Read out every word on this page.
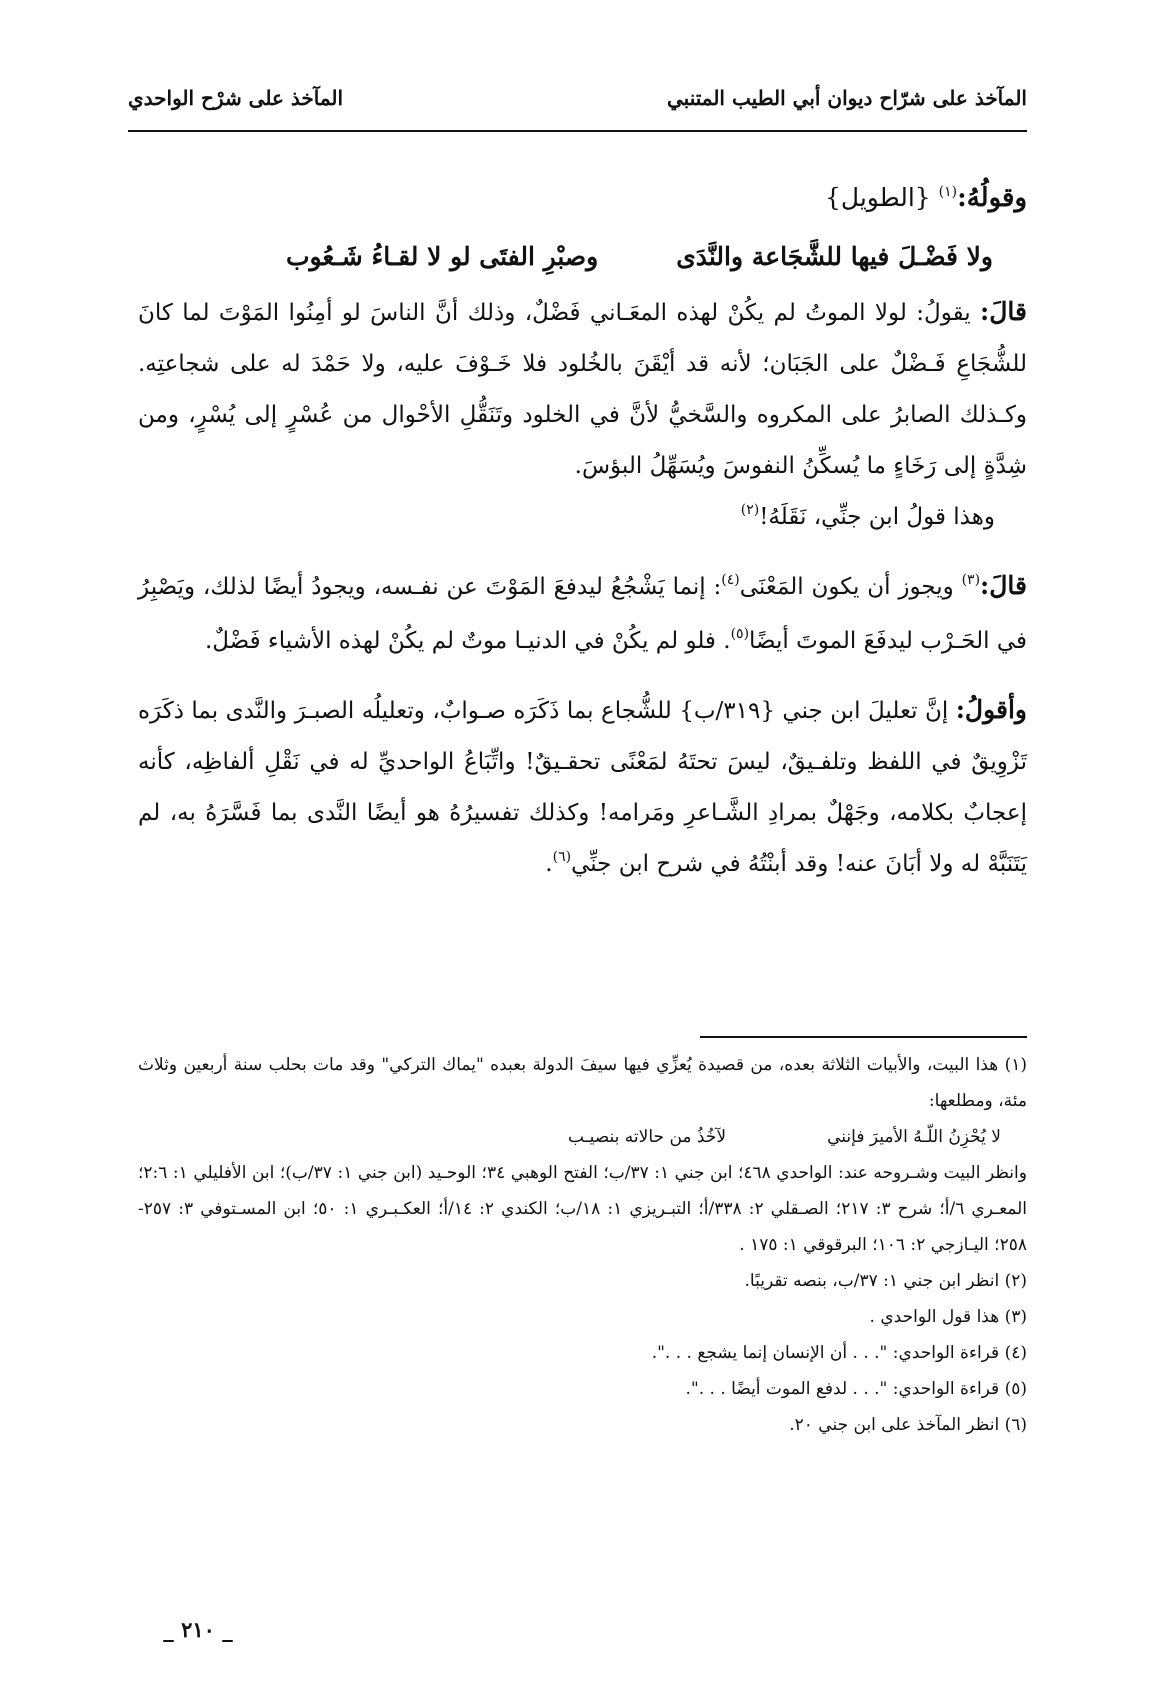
المآخذ على شرّاح ديوان أبي الطيب المتنبي
المآخذ على شرْح الواحدي

وقولُهُ:$^{(١)}$ {الطويل}

ولا فَضْـلَ فيها للشَّجَاعة والنَّدَى
وصبْرِ الفتَى لو لا لقـاءُ شَـعُوب

قالَ: يقولُ: لولا الموتُ لم يكُنْ لهذه المعَـاني فَضْلٌ، وذلك أنَّ الناسَ لو أمِنُوا المَوْتَ لما كانَ للشُّجَاعِ فَـضْلٌ على الجَبَان؛ لأنه قد أيْقَنَ بالخُلود فلا خَـوْفَ عليه، ولا حَمْدَ له على شجاعتِه. وكـذلك الصابرُ على المكروه والسَّخيُّ لأنَّ في الخلود وتَنَقُّلِ الأحْوال من عُسْرٍ إلى يُسْرٍ، ومن شِدَّةٍ إلى رَخَاءٍ ما يُسكِّنُ النفوسَ ويُسَهِّلُ البؤسَ.

وهذا قولُ ابن جنِّي، نَقَلَهُ!$^{(٢)}$

قالَ:$^{(٣)}$ ويجوز أن يكون المَعْنَى$^{(٤)}$: إنما يَشْجُعُ ليدفعَ المَوْتَ عن نفـسه، ويجودُ أيضًا لذلك، ويَصْبِرُ في الحَـرْب ليدفَعَ الموتَ أيضًا$^{(٥)}$. فلو لم يكُنْ في الدنيـا موتٌ لم يكُنْ لهذه الأشياء فَضْلٌ.

وأقولُ: إنَّ تعليلَ ابن جني {٣١٩/ب} للشُّجاع بما ذَكَرَه صـوابٌ، وتعليلُه الصبـرَ والنَّدى بما ذكَرَه تَزْوِيقٌ في اللفظ وتلفـيقٌ، ليسَ تحتَهُ لمَعْنًى تحقـيقٌ! واتِّبَاعُ الواحديِّ له في نَقْلِ ألفاظِه، كأنه إعجابٌ بكلامه، وجَهْلٌ بمرادِ الشَّـاعرِ ومَرامه! وكذلك تفسيرُهُ هو أيضًا النَّدى بما فَسَّرَهُ به، لم يَتَنَبَّهْ له ولا أبَانَ عنه! وقد أبنْتُهُ في شرح ابن جنِّي$^{(٦)}$.

(١) هذا البيت، والأبيات الثلاثة بعده، من قصيدة يُعزِّي فيها سيفَ الدولة بعبده "يماك التركي" وقد مات بحلب سنة أربعين وثلاث مئة، ومطلعها:

لا يُحْزِنُ اللّـهُ الأميرَ فإنني
لآخُذُ من حالاته بنصيـب

وانظر البيت وشـروحه عند: الواحدي ٤٦٨؛ ابن جني ١: ٣٧/ب؛ الفتح الوهبي ٣٤؛ الوحـيد (ابن جني ١: ٣٧/ب)؛ ابن الأفليلي ١: ٢:٦؛ المعـري ٦/أ؛ شرح ٣: ٢١٧؛ الصـقلي ٢: ٣٣٨/أ؛ التبـريزي ١: ١٨/ب؛ الكندي ٢: ١٤/أ؛ العكـبـري ١: ٥٠؛ ابن المسـتوفي ٣: ٢٥٧- ٢٥٨؛ اليـازجي ٢: ١٠٦؛ البرقوقي ١: ١٧٥ .

(٢) انظر ابن جني ١: ٣٧/ب، بنصه تقريبًا.

(٣) هذا قول الواحدي .

(٤) قراءة الواحدي: ". . . أن الإنسان إنما يشجع . . .".

(٥) قراءة الواحدي: ". . . لدفع الموت أيضًا . . .".

(٦) انظر المآخذ على ابن جني ٢٠.

_ ٢١٠ _
